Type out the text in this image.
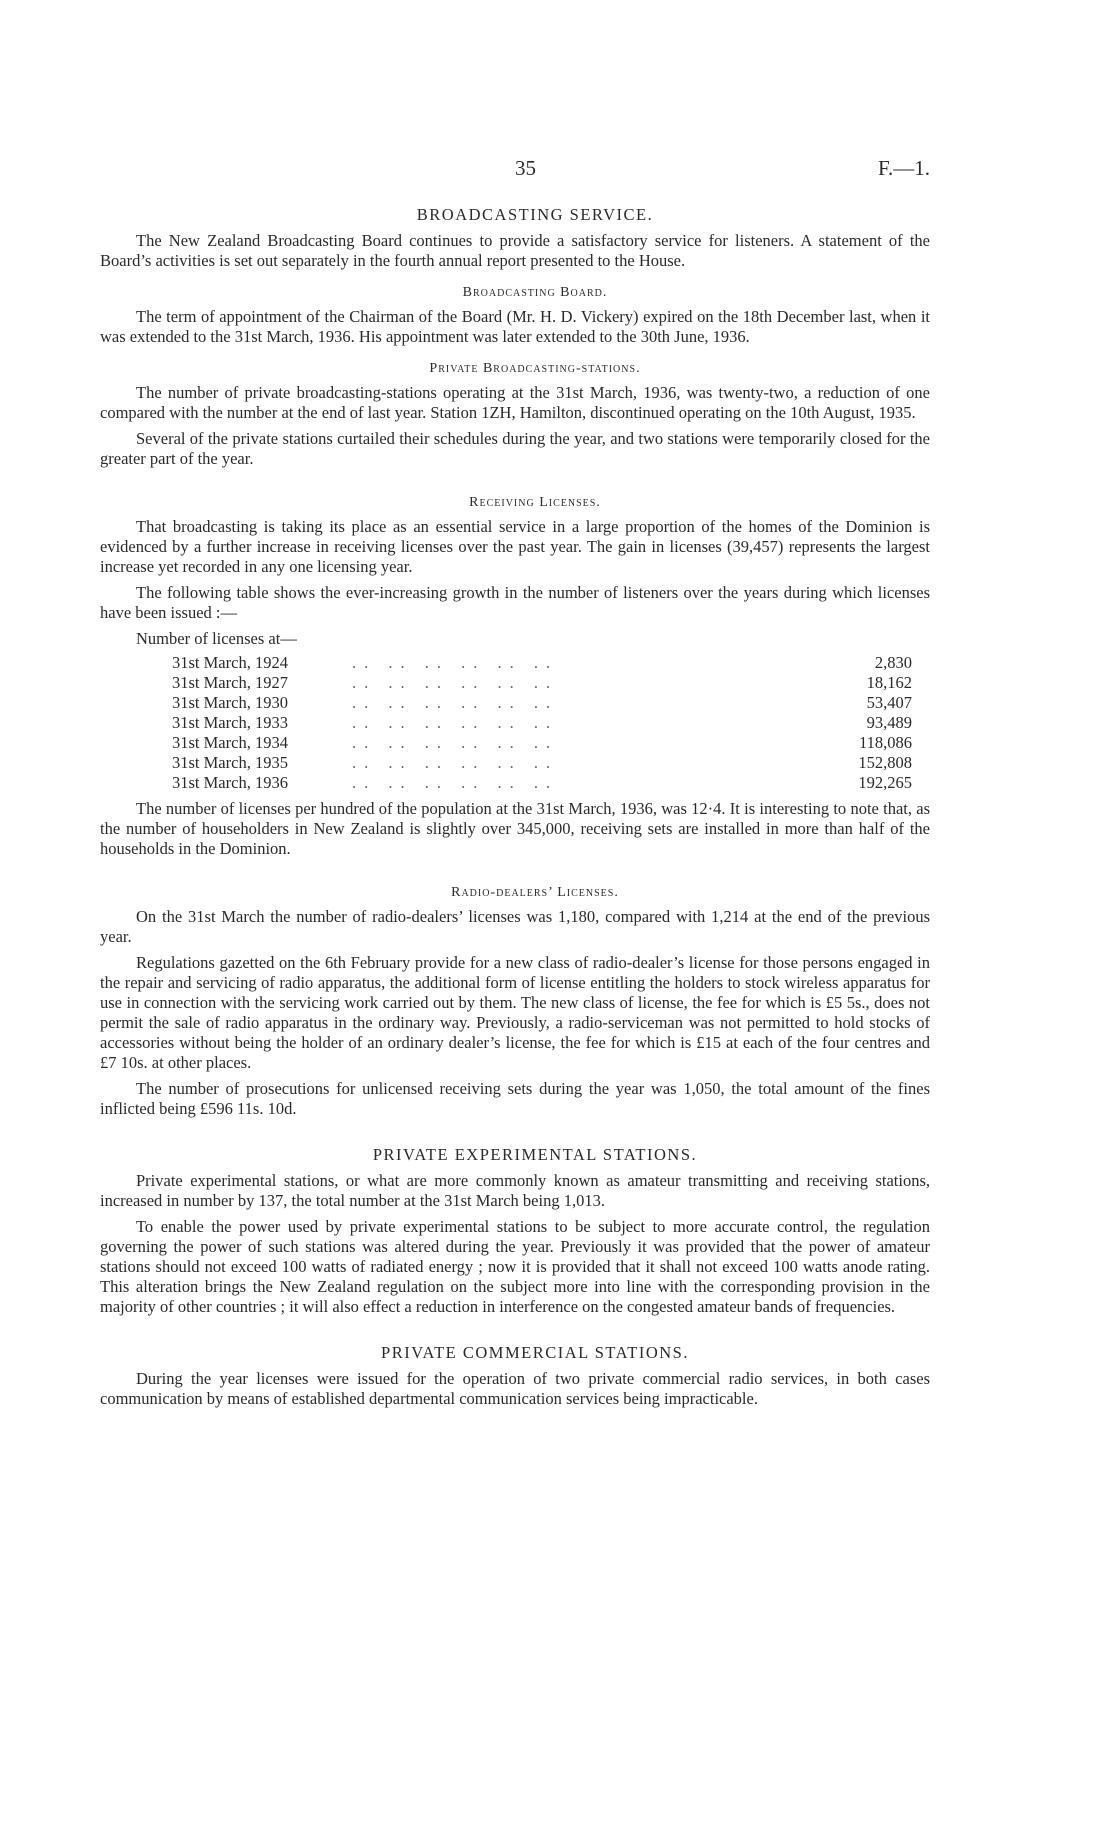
35	F.—1.
BROADCASTING SERVICE.

The New Zealand Broadcasting Board continues to provide a satisfactory service for listeners. A statement of the Board’s activities is set out separately in the fourth annual report presented to the House.

Broadcasting Board.

The term of appointment of the Chairman of the Board (Mr. H. D. Vickery) expired on the 18th December last, when it was extended to the 31st March, 1936. His appointment was later extended to the 30th June, 1936.

Private Broadcasting-stations.

The number of private broadcasting-stations operating at the 31st March, 1936, was twenty-two, a reduction of one compared with the number at the end of last year. Station 1ZH, Hamilton, discontinued operating on the 10th August, 1935.

Several of the private stations curtailed their schedules during the year, and two stations were temporarily closed for the greater part of the year.

Receiving Licenses.

That broadcasting is taking its place as an essential service in a large proportion of the homes of the Dominion is evidenced by a further increase in receiving licenses over the past year. The gain in licenses (39,457) represents the largest increase yet recorded in any one licensing year.

The following table shows the ever-increasing growth in the number of listeners over the years during which licenses have been issued :—

Number of licenses at—
31st March, 1924	.. .. .. .. .. ..	2,830
31st March, 1927	.. .. .. .. .. ..	18,162
31st March, 1930	.. .. .. .. .. ..	53,407
31st March, 1933	.. .. .. .. .. ..	93,489
31st March, 1934	.. .. .. .. .. ..	118,086
31st March, 1935	.. .. .. .. .. ..	152,808
31st March, 1936	.. .. .. .. .. ..	192,265

The number of licenses per hundred of the population at the 31st March, 1936, was 12·4. It is interesting to note that, as the number of householders in New Zealand is slightly over 345,000, receiving sets are installed in more than half of the households in the Dominion.

Radio-dealers’ Licenses.

On the 31st March the number of radio-dealers’ licenses was 1,180, compared with 1,214 at the end of the previous year.

Regulations gazetted on the 6th February provide for a new class of radio-dealer’s license for those persons engaged in the repair and servicing of radio apparatus, the additional form of license entitling the holders to stock wireless apparatus for use in connection with the servicing work carried out by them. The new class of license, the fee for which is £5 5s., does not permit the sale of radio apparatus in the ordinary way. Previously, a radio-serviceman was not permitted to hold stocks of accessories without being the holder of an ordinary dealer’s license, the fee for which is £15 at each of the four centres and £7 10s. at other places.

The number of prosecutions for unlicensed receiving sets during the year was 1,050, the total amount of the fines inflicted being £596 11s. 10d.

PRIVATE EXPERIMENTAL STATIONS.

Private experimental stations, or what are more commonly known as amateur transmitting and receiving stations, increased in number by 137, the total number at the 31st March being 1,013.

To enable the power used by private experimental stations to be subject to more accurate control, the regulation governing the power of such stations was altered during the year. Previously it was provided that the power of amateur stations should not exceed 100 watts of radiated energy ; now it is provided that it shall not exceed 100 watts anode rating. This alteration brings the New Zealand regulation on the subject more into line with the corresponding provision in the majority of other countries ; it will also effect a reduction in interference on the congested amateur bands of frequencies.

PRIVATE COMMERCIAL STATIONS.

During the year licenses were issued for the operation of two private commercial radio services, in both cases communication by means of established departmental communication services being impracticable.
